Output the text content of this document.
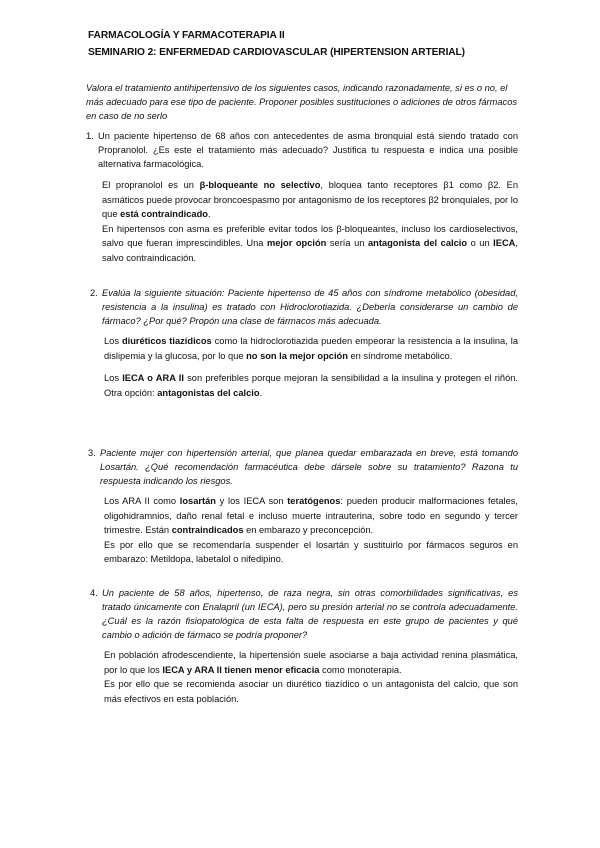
FARMACOLOGÍA Y FARMACOTERAPIA II
SEMINARIO 2: ENFERMEDAD CARDIOVASCULAR (HIPERTENSION ARTERIAL)
Valora el tratamiento antihipertensivo de los siguientes casos, indicando razonadamente, si es o no, el más adecuado para ese tipo de paciente. Proponer posibles sustituciones o adiciones de otros fármacos en caso de no serlo
1. Un paciente hipertenso de 68 años con antecedentes de asma bronquial está siendo tratado con Propranolol. ¿Es este el tratamiento más adecuado? Justifica tu respuesta e indica una posible alternativa farmacológica.

El propranolol es un β-bloqueante no selectivo, bloquea tanto receptores β1 como β2. En asmáticos puede provocar broncoespasmo por antagonismo de los receptores β2 bronquiales, por lo que está contraindicado.

En hipertensos con asma es preferible evitar todos los β-bloqueantes, incluso los cardioselectivos, salvo que fueran imprescindibles. Una mejor opción sería un antagonista del calcio o un IECA, salvo contraindicación.

2. Evalúa la siguiente situación: Paciente hipertenso de 45 años con síndrome metabólico (obesidad, resistencia a la insulina) es tratado con Hidroclorotiazida. ¿Debería considerarse un cambio de fármaco? ¿Por qué? Propón una clase de fármacos más adecuada.

Los diuréticos tiazídicos como la hidroclorotiazida pueden empeorar la resistencia a la insulina, la dislipemia y la glucosa, por lo que no son la mejor opción en síndrome metabólico.

Los IECA o ARA II son preferibles porque mejoran la sensibilidad a la insulina y protegen el riñón. Otra opción: antagonistas del calcio.

3. Paciente mujer con hipertensión arterial, que planea quedar embarazada en breve, está tomando Losartán. ¿Qué recomendación farmacéutica debe dársele sobre su tratamiento? Razona tu respuesta indicando los riesgos.

Los ARA II como losartán y los IECA son teratógenos: pueden producir malformaciones fetales, oligohidramnios, daño renal fetal e incluso muerte intrauterina, sobre todo en segundo y tercer trimestre. Están contraindicados en embarazo y preconcepción.

Es por ello que se recomendaría suspender el losartán y sustituirlo por fármacos seguros en embarazo: Metildopa, labetalol o nifedipino.

4. Un paciente de 58 años, hipertenso, de raza negra, sin otras comorbilidades significativas, es tratado únicamente con Enalapril (un IECA), pero su presión arterial no se controla adecuadamente. ¿Cuál es la razón fisiopatológica de esta falta de respuesta en este grupo de pacientes y qué cambio o adición de fármaco se podría proponer?

En población afrodescendiente, la hipertensión suele asociarse a baja actividad renina plasmática, por lo que los IECA y ARA II tienen menor eficacia como monoterapia.

Es por ello que se recomienda asociar un diurético tiazídico o un antagonista del calcio, que son más efectivos en esta población.
